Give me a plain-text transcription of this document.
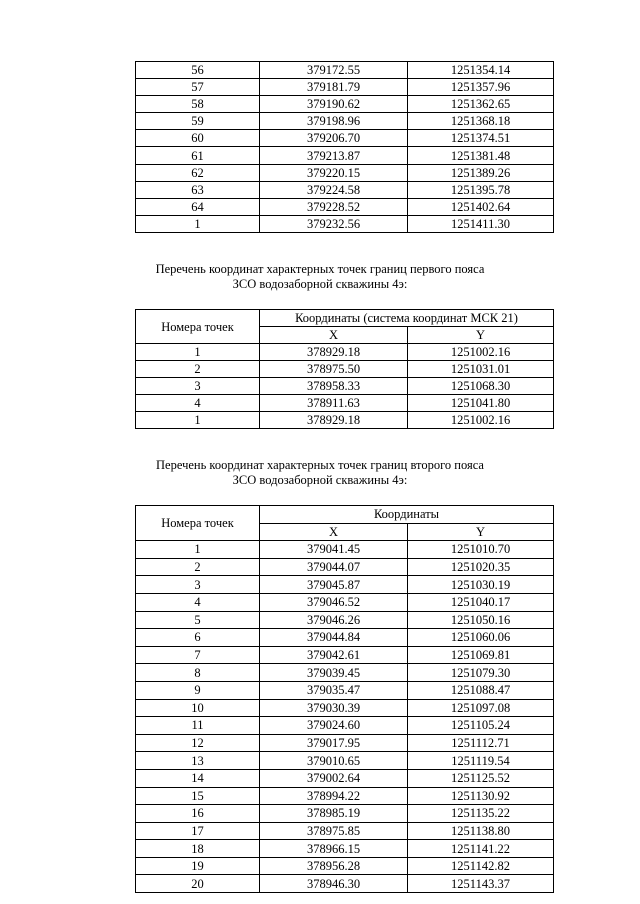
56	379172.55	1251354.14
57	379181.79	1251357.96
58	379190.62	1251362.65
59	379198.96	1251368.18
60	379206.70	1251374.51
61	379213.87	1251381.48
62	379220.15	1251389.26
63	379224.58	1251395.78
64	379228.52	1251402.64
1	379232.56	1251411.30
Перечень координат характерных точек границ первого пояса
ЗСО водозаборной скважины 4э:
Номера точек	Координаты (система координат МСК 21)	
	X	Y
1	378929.18	1251002.16
2	378975.50	1251031.01
3	378958.33	1251068.30
4	378911.63	1251041.80
1	378929.18	1251002.16
Перечень координат характерных точек границ второго пояса
ЗСО водозаборной скважины 4э:
Номера точек	Координаты	
	X	Y
1	379041.45	1251010.70
2	379044.07	1251020.35
3	379045.87	1251030.19
4	379046.52	1251040.17
5	379046.26	1251050.16
6	379044.84	1251060.06
7	379042.61	1251069.81
8	379039.45	1251079.30
9	379035.47	1251088.47
10	379030.39	1251097.08
11	379024.60	1251105.24
12	379017.95	1251112.71
13	379010.65	1251119.54
14	379002.64	1251125.52
15	378994.22	1251130.92
16	378985.19	1251135.22
17	378975.85	1251138.80
18	378966.15	1251141.22
19	378956.28	1251142.82
20	378946.30	1251143.37
